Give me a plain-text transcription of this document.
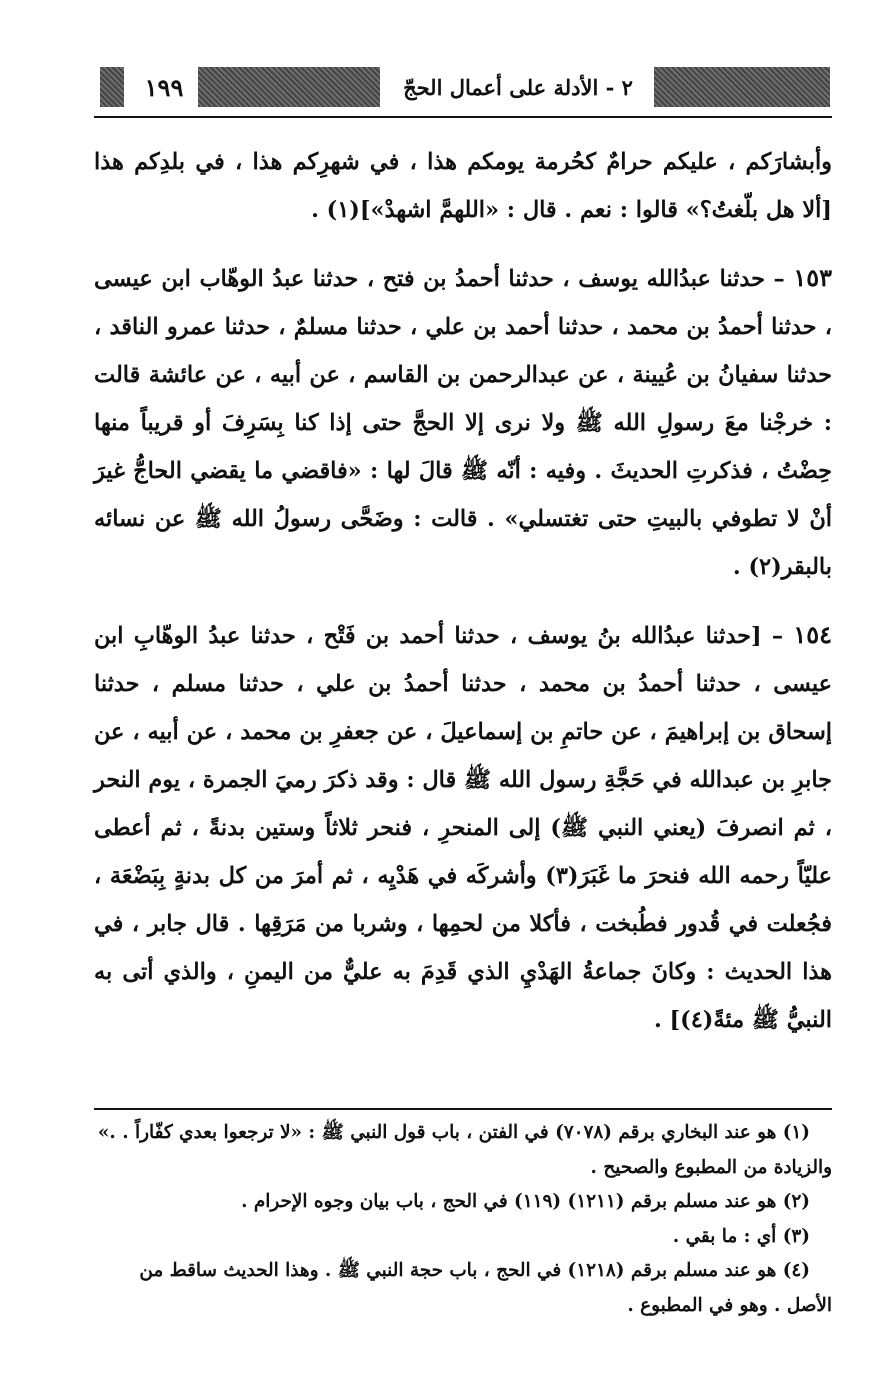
١٩٩	٢ - الأدلة على أعمال الحجّ

وأبشارَكم ، عليكم حرامٌ كحُرمة يومكم هذا ، في شهرِكم هذا ، في بلدِكم هذا [ألا هل بلّغتُ؟» قالوا : نعم . قال : «اللهمَّ اشهدْ»](١) .

١٥٣ – حدثنا عبدُالله يوسف ، حدثنا أحمدُ بن فتح ، حدثنا عبدُ الوهّاب ابن عيسى ، حدثنا أحمدُ بن محمد ، حدثنا أحمد بن علي ، حدثنا مسلمٌ ، حدثنا عمرو الناقد ، حدثنا سفيانُ بن عُيينة ، عن عبدالرحمن بن القاسم ، عن أبيه ، عن عائشة قالت : خرجْنا معَ رسولِ الله ﷺ ولا نرى إلا الحجَّ حتى إذا كنا بِسَرِفَ أو قريباً منها حِضْتُ ، فذكرتِ الحديثَ . وفيه : أنّه ﷺ قالَ لها : «فاقضي ما يقضي الحاجُّ غيرَ أنْ لا تطوفي بالبيتِ حتى تغتسلي» . قالت : وضَحَّى رسولُ الله ﷺ عن نسائه بالبقر(٢) .

١٥٤ – [حدثنا عبدُالله بنُ يوسف ، حدثنا أحمد بن فَتْح ، حدثنا عبدُ الوهّابِ ابن عيسى ، حدثنا أحمدُ بن محمد ، حدثنا أحمدُ بن علي ، حدثنا مسلم ، حدثنا إسحاق بن إبراهيمَ ، عن حاتمِ بن إسماعيلَ ، عن جعفرِ بن محمد ، عن أبيه ، عن جابرِ بن عبدالله في حَجَّةِ رسول الله ﷺ قال : وقد ذكرَ رميَ الجمرة ، يوم النحر ، ثم انصرفَ (يعني النبي ﷺ) إلى المنحرِ ، فنحر ثلاثاً وستين بدنةً ، ثم أعطى عليّاً رحمه الله فنحرَ ما غَبَرَ(٣) وأشركَه في هَدْيِه ، ثم أمرَ من كل بدنةٍ بِبَضْعَة ، فجُعلت في قُدور فطُبخت ، فأكلا من لحمِها ، وشربا من مَرَقِها . قال جابر ، في هذا الحديث : وكانَ جماعةُ الهَدْيِ الذي قَدِمَ به عليٌّ من اليمنِ ، والذي أتى به النبيُّ ﷺ مئةً(٤)] .

(١) هو عند البخاري برقم (٧٠٧٨) في الفتن ، باب قول النبي ﷺ : «لا ترجعوا بعدي كفّاراً . .»

والزيادة من المطبوع والصحيح .

(٢) هو عند مسلم برقم (١٢١١) (١١٩) في الحج ، باب بيان وجوه الإحرام .

(٣) أي : ما بقي .

(٤) هو عند مسلم برقم (١٢١٨) في الحج ، باب حجة النبي ﷺ . وهذا الحديث ساقط من

الأصل . وهو في المطبوع .
